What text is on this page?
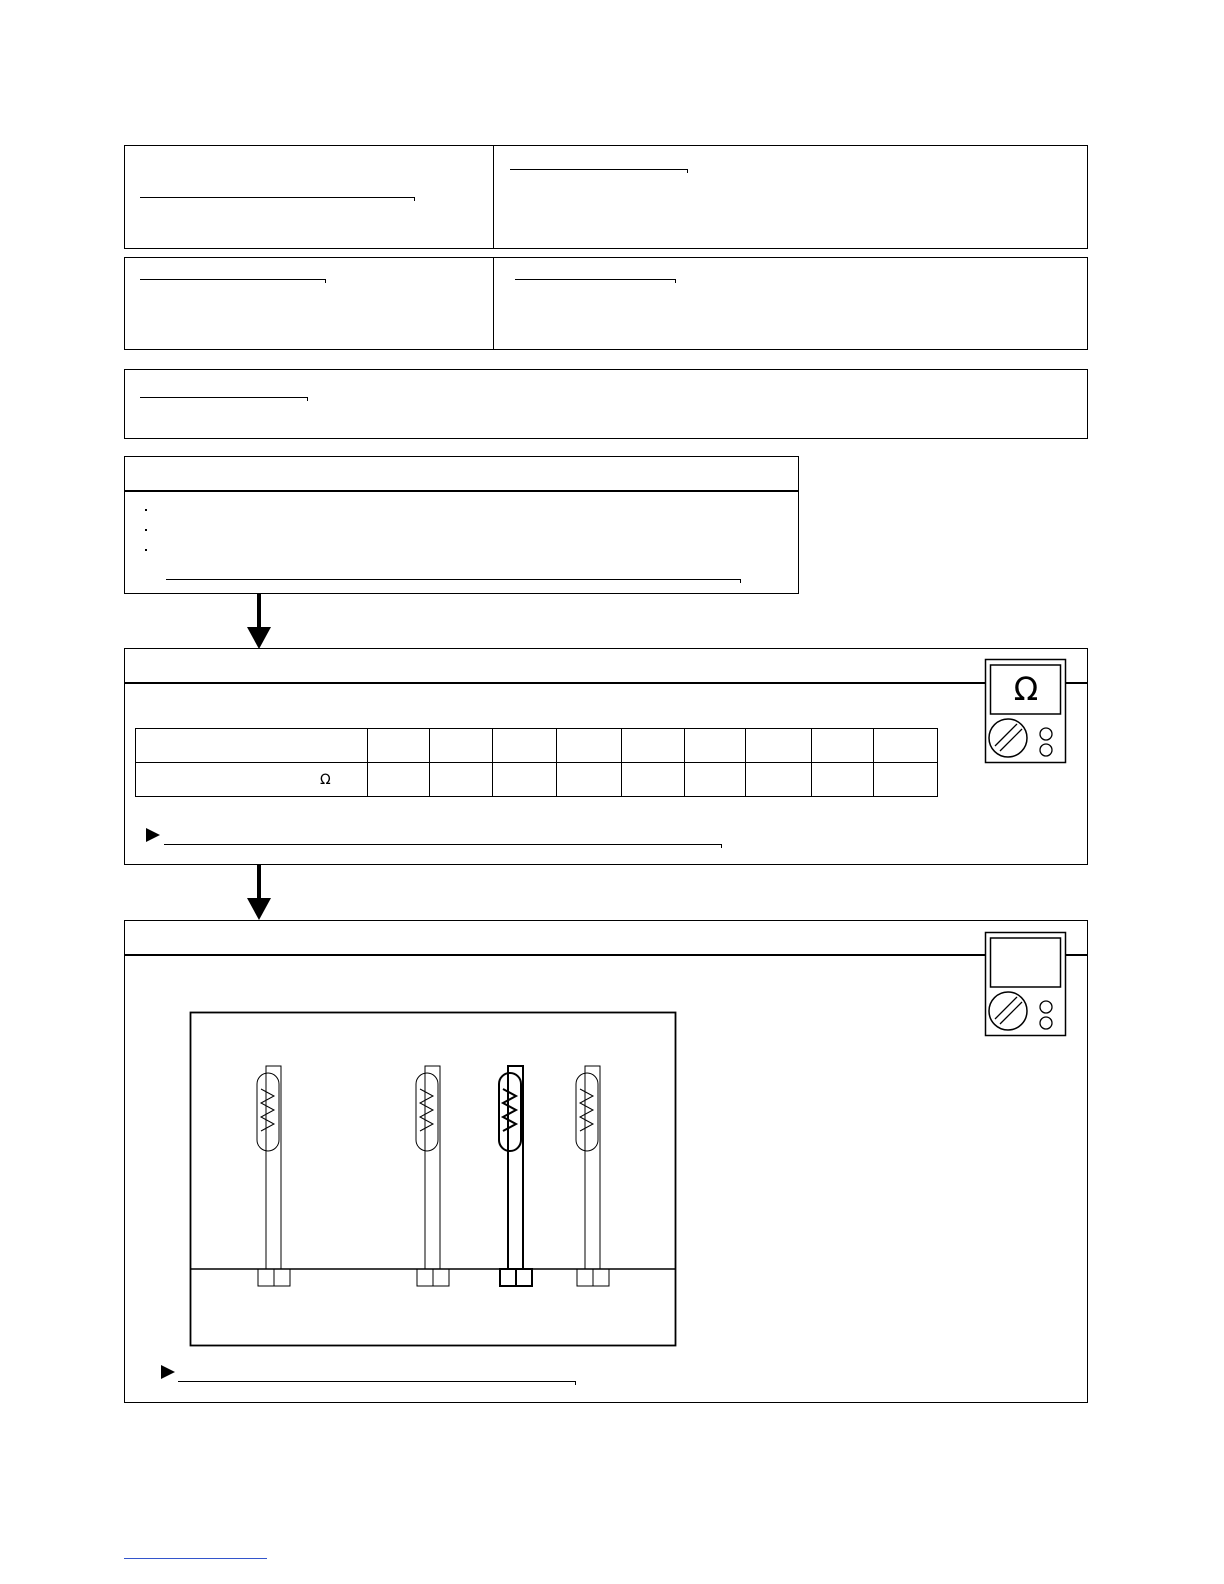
Ω

Ω									
